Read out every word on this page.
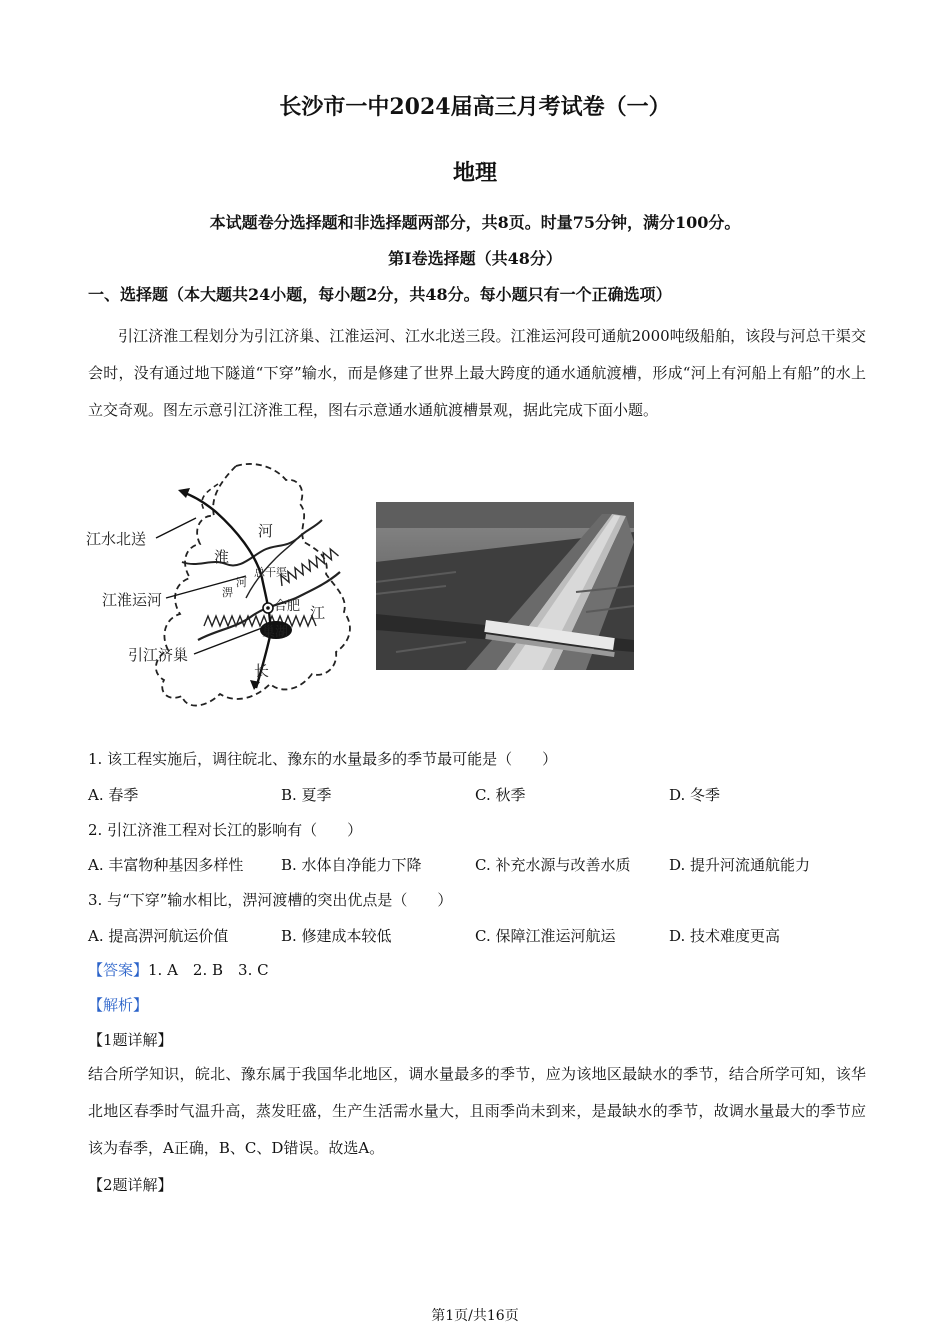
长沙市一中2024届高三月考试卷（一）
地理
本试题卷分选择题和非选择题两部分，共8页。时量75分钟，满分100分。
第Ⅰ卷选择题（共48分）
一、选择题（本大题共24小题，每小题2分，共48分。每小题只有一个正确选项）

引江济淮工程划分为引江济巢、江淮运河、江水北送三段。江淮运河段可通航2000吨级船舶，该段与河总干渠交会时，没有通过地下隧道“下穿”输水，而是修建了世界上最大跨度的通水通航渡槽，形成“河上有河船上有船”的水上立交奇观。图左示意引江济淮工程，图右示意通水通航渡槽景观，据此完成下面小题。

江水北送
江淮运河
引江济巢
河
淮
总干渠
河
淠
合肥 江
巢湖
长
1. 该工程实施后，调往皖北、豫东的水量最多的季节最可能是（　　）
A. 春季	B. 夏季	C. 秋季	D. 冬季
2. 引江济淮工程对长江的影响有（　　）
A. 丰富物种基因多样性	B. 水体自净能力下降	C. 补充水源与改善水质	D. 提升河流通航能力
3. 与“下穿”输水相比，淠河渡槽的突出优点是（　　）
A. 提高淠河航运价值	B. 修建成本较低	C. 保障江淮运河航运	D. 技术难度更高
【答案】1. A　2. B　3. C
【解析】
【1题详解】
结合所学知识，皖北、豫东属于我国华北地区，调水量最多的季节，应为该地区最缺水的季节，结合所学可知，该华北地区春季时气温升高，蒸发旺盛，生产生活需水量大，且雨季尚未到来，是最缺水的季节，故调水量最大的季节应该为春季，A正确，B、C、D错误。故选A。
【2题详解】
第1页/共16页
